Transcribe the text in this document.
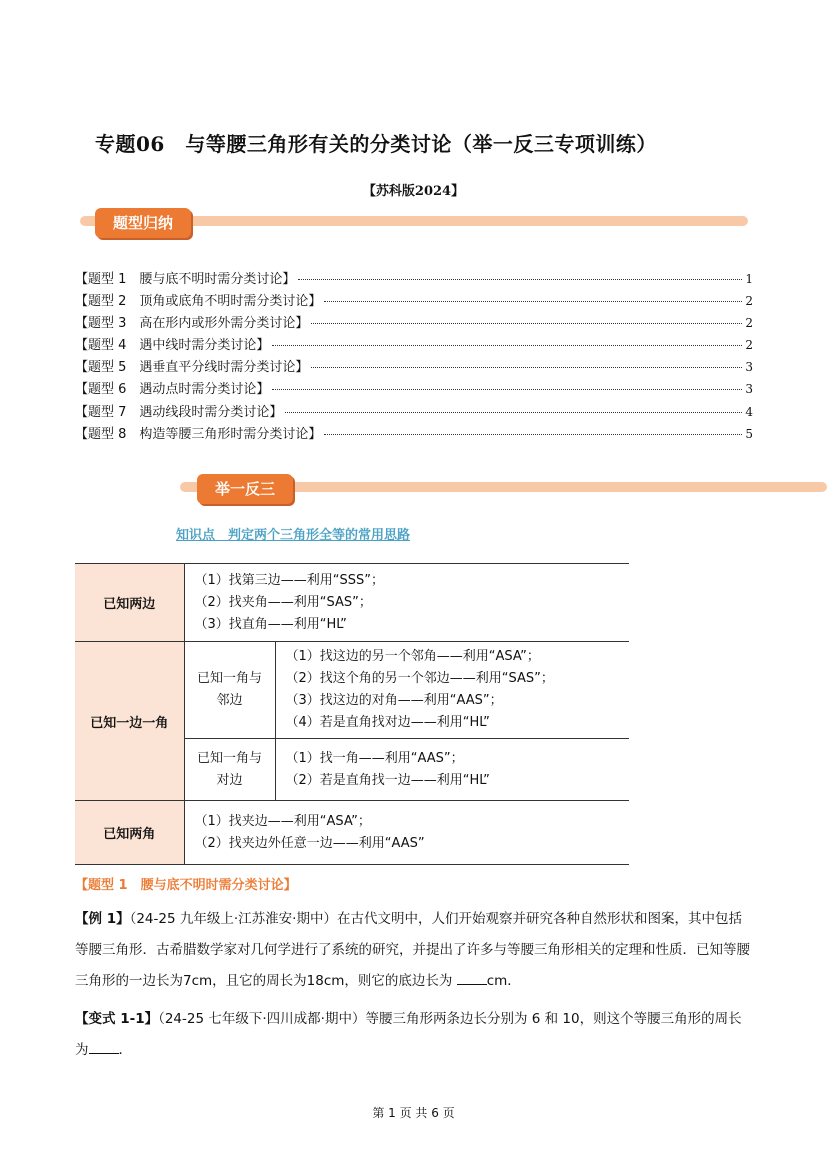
专题06　与等腰三角形有关的分类讨论（举一反三专项训练）
【苏科版2024】
题型归纳
【题型 1　腰与底不明时需分类讨论】	1
【题型 2　顶角或底角不明时需分类讨论】	2
【题型 3　高在形内或形外需分类讨论】	2
【题型 4　遇中线时需分类讨论】	2
【题型 5　遇垂直平分线时需分类讨论】	3
【题型 6　遇动点时需分类讨论】	3
【题型 7　遇动线段时需分类讨论】	4
【题型 8　构造等腰三角形时需分类讨论】	5
举一反三
知识点　判定两个三角形全等的常用思路
已知两边	（1）找第三边——利用“SSS”；
（2）找夹角——利用“SAS”；
（3）找直角——利用“HL”	

已知一边一角	已知一角与邻边	（1）找这边的另一个邻角——利用“ASA”；
（2）找这个角的另一个邻边——利用“SAS”；
（3）找这边的对角——利用“AAS”；
（4）若是直角找对边——利用“HL”

	已知一角与对边	（1）找一角——利用“AAS”；
（2）若是直角找一边——利用“HL”

已知两角	（1）找夹边——利用“ASA”；
（2）找夹边外任意一边——利用“AAS”	
【题型 1　腰与底不明时需分类讨论】
【例 1】（24-25 九年级上·江苏淮安·期中）在古代文明中，人们开始观察并研究各种自然形状和图案，其中包括等腰三角形．古希腊数学家对几何学进行了系统的研究，并提出了许多与等腰三角形相关的定理和性质．已知等腰三角形的一边长为7cm，且它的周长为18cm，则它的底边长为	cm．
【变式 1-1】（24-25 七年级下·四川成都·期中）等腰三角形两条边长分别为 6 和 10，则这个等腰三角形的周长为 ．
第 1 页 共 6 页
